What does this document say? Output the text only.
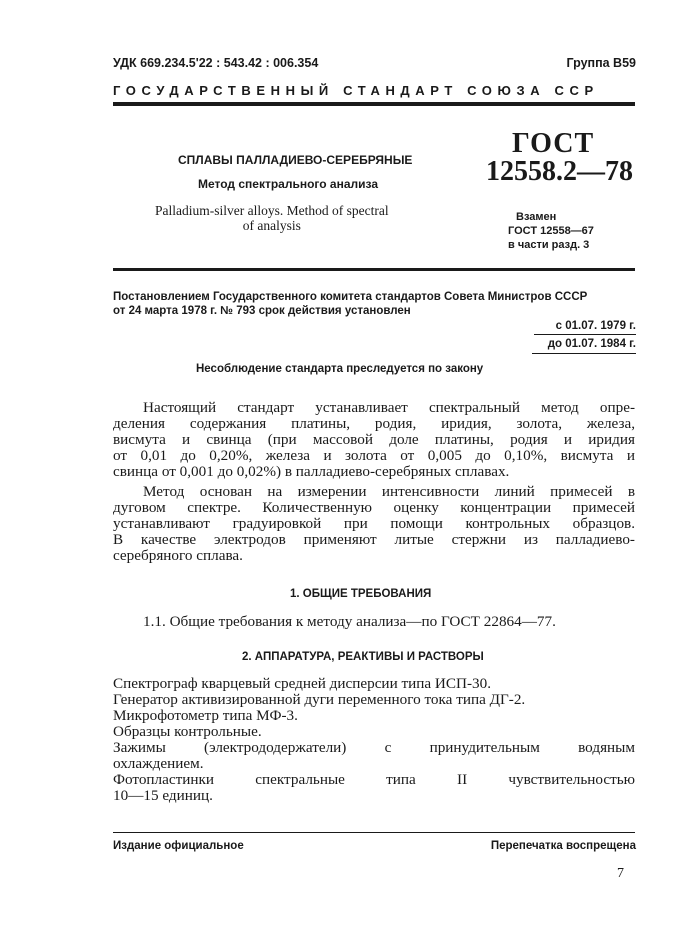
УДК 669.234.5'22 : 543.42 : 006.354	Группа В59
ГОСУДАРСТВЕННЫЙ СТАНДАРТ СОЮЗА ССР
СПЛАВЫ ПАЛЛАДИЕВО-СЕРЕБРЯНЫЕ
Метод спектрального анализа
Palladium-silver alloys. Method of spectral
of analysis
ГОСТ
12558.2—78
Взамен
ГОСТ 12558—67
в части разд. 3
Постановлением Государственного комитета стандартов Совета Министров СССР
от 24 марта 1978 г. № 793 срок действия установлен
с 01.07. 1979 г.
до 01.07. 1984 г.
Несоблюдение стандарта преследуется по закону
Настоящий стандарт устанавливает спектральный метод опре-
деления содержания платины, родия, иридия, золота, железа,
висмута и свинца (при массовой доле платины, родия и иридия
от 0,01 до 0,20%, железа и золота от 0,005 до 0,10%, висмута и
свинца от 0,001 до 0,02%) в палладиево-серебряных сплавах.
Метод основан на измерении интенсивности линий примесей в
дуговом спектре. Количественную оценку концентрации примесей
устанавливают градуировкой при помощи контрольных образцов.
В качестве электродов применяют литые стержни из палладиево-
серебряного сплава.
1. ОБЩИЕ ТРЕБОВАНИЯ
1.1. Общие требования к методу анализа—по ГОСТ 22864—77.
2. АППАРАТУРА, РЕАКТИВЫ И РАСТВОРЫ
Спектрограф кварцевый средней дисперсии типа ИСП-30.
Генератор активизированной дуги переменного тока типа ДГ-2.
Микрофотометр типа МФ-3.
Образцы контрольные.
Зажимы (электрододержатели) с принудительным водяным
охлаждением.
Фотопластинки спектральные типа II чувствительностью
10—15 единиц.
Издание официальное	Перепечатка воспрещена
7
